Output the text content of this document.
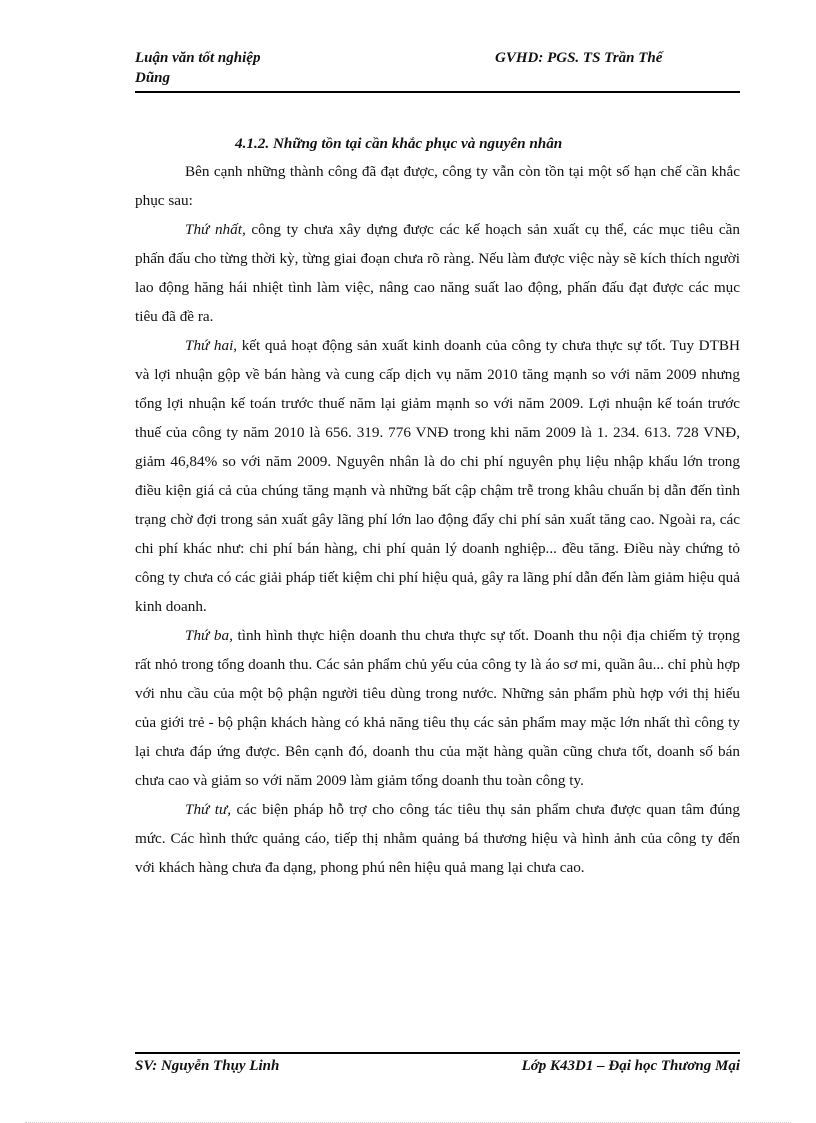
Luận văn tốt nghiệp	GVHD: PGS. TS Trần Thế
Dũng

4.1.2. Những tồn tại cần khắc phục và nguyên nhân

Bên cạnh những thành công đã đạt được, công ty vẫn còn tồn tại một số hạn chế cần khắc phục sau:

Thứ nhất, công ty chưa xây dựng được các kế hoạch sản xuất cụ thể, các mục tiêu cần phấn đấu cho từng thời kỳ, từng giai đoạn chưa rõ ràng. Nếu làm được việc này sẽ kích thích người lao động hăng hái nhiệt tình làm việc, nâng cao năng suất lao động, phấn đấu đạt được các mục tiêu đã đề ra.

Thứ hai, kết quả hoạt động sản xuất kinh doanh của công ty chưa thực sự tốt. Tuy DTBH và lợi nhuận gộp về bán hàng và cung cấp dịch vụ năm 2010 tăng mạnh so với năm 2009 nhưng tổng lợi nhuận kế toán trước thuế năm lại giảm mạnh so với năm 2009. Lợi nhuận kế toán trước thuế của công ty năm 2010 là 656. 319. 776 VNĐ trong khi năm 2009 là 1. 234. 613. 728 VNĐ, giảm 46,84% so với năm 2009. Nguyên nhân là do chi phí nguyên phụ liệu nhập khẩu lớn trong điều kiện giá cả của chúng tăng mạnh và những bất cập chậm trễ trong khâu chuẩn bị dẫn đến tình trạng chờ đợi trong sản xuất gây lãng phí lớn lao động đẩy chi phí sản xuất tăng cao. Ngoài ra, các chi phí khác như: chi phí bán hàng, chi phí quản lý doanh nghiệp... đều tăng. Điều này chứng tỏ công ty chưa có các giải pháp tiết kiệm chi phí hiệu quả, gây ra lãng phí dẫn đến làm giảm hiệu quả kinh doanh.

Thứ ba, tình hình thực hiện doanh thu chưa thực sự tốt. Doanh thu nội địa chiếm tỷ trọng rất nhỏ trong tổng doanh thu. Các sản phẩm chủ yếu của công ty là áo sơ mi, quần âu... chỉ phù hợp với nhu cầu của một bộ phận người tiêu dùng trong nước. Những sản phẩm phù hợp với thị hiếu của giới trẻ - bộ phận khách hàng có khả năng tiêu thụ các sản phẩm may mặc lớn nhất thì công ty lại chưa đáp ứng được. Bên cạnh đó, doanh thu của mặt hàng quần cũng chưa tốt, doanh số bán chưa cao và giảm so với năm 2009 làm giảm tổng doanh thu toàn công ty.

Thứ tư, các biện pháp hỗ trợ cho công tác tiêu thụ sản phẩm chưa được quan tâm đúng mức. Các hình thức quảng cáo, tiếp thị nhằm quảng bá thương hiệu và hình ảnh của công ty đến với khách hàng chưa đa dạng, phong phú nên hiệu quả mang lại chưa cao.

SV: Nguyễn Thụy Linh	Lớp K43D1 – Đại học Thương Mại
